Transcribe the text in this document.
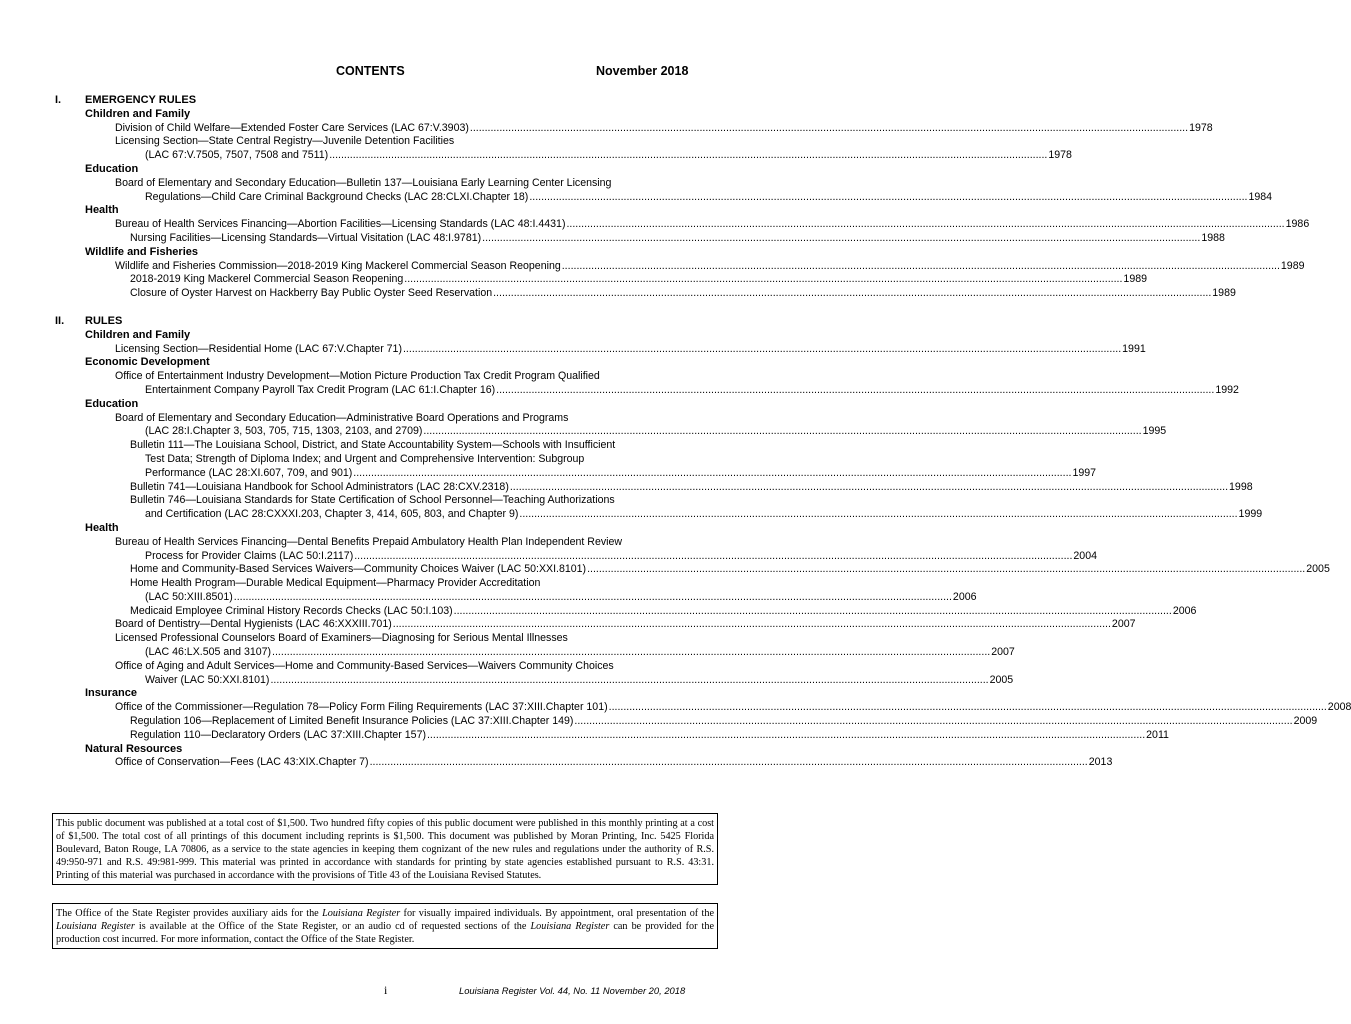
CONTENTS	November 2018
I.	EMERGENCY RULES
Children and Family
Division of Child Welfare—Extended Foster Care Services (LAC 67:V.3903) .....	1978
Licensing Section—State Central Registry—Juvenile Detention Facilities
(LAC 67:V.7505, 7507, 7508 and 7511) .....	1978
Education
Board of Elementary and Secondary Education—Bulletin 137—Louisiana Early Learning Center Licensing
Regulations—Child Care Criminal Background Checks (LAC 28:CLXI.Chapter 18) .....	1984
Health
Bureau of Health Services Financing—Abortion Facilities—Licensing Standards (LAC 48:I.4431) .....	1986
Nursing Facilities—Licensing Standards—Virtual Visitation (LAC 48:I.9781) .....	1988
Wildlife and Fisheries
Wildlife and Fisheries Commission—2018-2019 King Mackerel Commercial Season Reopening .....	1989
2018-2019 King Mackerel Commercial Season Reopening .....	1989
Closure of Oyster Harvest on Hackberry Bay Public Oyster Seed Reservation .....	1989
II.	RULES
Children and Family
Licensing Section—Residential Home (LAC 67:V.Chapter 71) .....	1991
Economic Development
Office of Entertainment Industry Development—Motion Picture Production Tax Credit Program Qualified
Entertainment Company Payroll Tax Credit Program (LAC 61:I.Chapter 16) .....	1992
Education
Board of Elementary and Secondary Education—Administrative Board Operations and Programs
(LAC 28:I.Chapter 3, 503, 705, 715, 1303, 2103, and 2709) .....	1995
Bulletin 111—The Louisiana School, District, and State Accountability System—Schools with Insufficient
Test Data; Strength of Diploma Index; and Urgent and Comprehensive Intervention: Subgroup
Performance (LAC 28:XI.607, 709, and 901) .....	1997
Bulletin 741—Louisiana Handbook for School Administrators (LAC 28:CXV.2318) .....	1998
Bulletin 746—Louisiana Standards for State Certification of School Personnel—Teaching Authorizations
and Certification (LAC 28:CXXXI.203, Chapter 3, 414, 605, 803, and Chapter 9) .....	1999
Health
Bureau of Health Services Financing—Dental Benefits Prepaid Ambulatory Health Plan Independent Review
Process for Provider Claims (LAC 50:I.2117) .....	2004
Home and Community-Based Services Waivers—Community Choices Waiver (LAC 50:XXI.8101) .....	2005
Home Health Program—Durable Medical Equipment—Pharmacy Provider Accreditation
(LAC 50:XIII.8501) .....	2006
Medicaid Employee Criminal History Records Checks (LAC 50:I.103) .....	2006
Board of Dentistry—Dental Hygienists (LAC 46:XXXIII.701) .....	2007
Licensed Professional Counselors Board of Examiners—Diagnosing for Serious Mental Illnesses
(LAC 46:LX.505 and 3107) .....	2007
Office of Aging and Adult Services—Home and Community-Based Services—Waivers Community Choices
Waiver (LAC 50:XXI.8101) .....	2005
Insurance
Office of the Commissioner—Regulation 78—Policy Form Filing Requirements (LAC 37:XIII.Chapter 101) .....	2008
Regulation 106—Replacement of Limited Benefit Insurance Policies (LAC 37:XIII.Chapter 149) .....	2009
Regulation 110—Declaratory Orders (LAC 37:XIII.Chapter 157) .....	2011
Natural Resources
Office of Conservation—Fees (LAC 43:XIX.Chapter 7) .....	2013
This public document was published at a total cost of $1,500. Two hundred fifty copies of this public document were published in this monthly printing at a cost of $1,500. The total cost of all printings of this document including reprints is $1,500. This document was published by Moran Printing, Inc. 5425 Florida Boulevard, Baton Rouge, LA 70806, as a service to the state agencies in keeping them cognizant of the new rules and regulations under the authority of R.S. 49:950-971 and R.S. 49:981-999. This material was printed in accordance with standards for printing by state agencies established pursuant to R.S. 43:31. Printing of this material was purchased in accordance with the provisions of Title 43 of the Louisiana Revised Statutes.
The Office of the State Register provides auxiliary aids for the Louisiana Register for visually impaired individuals. By appointment, oral presentation of the Louisiana Register is available at the Office of the State Register, or an audio cd of requested sections of the Louisiana Register can be provided for the production cost incurred. For more information, contact the Office of the State Register.
i	Louisiana Register Vol. 44, No. 11 November 20, 2018
